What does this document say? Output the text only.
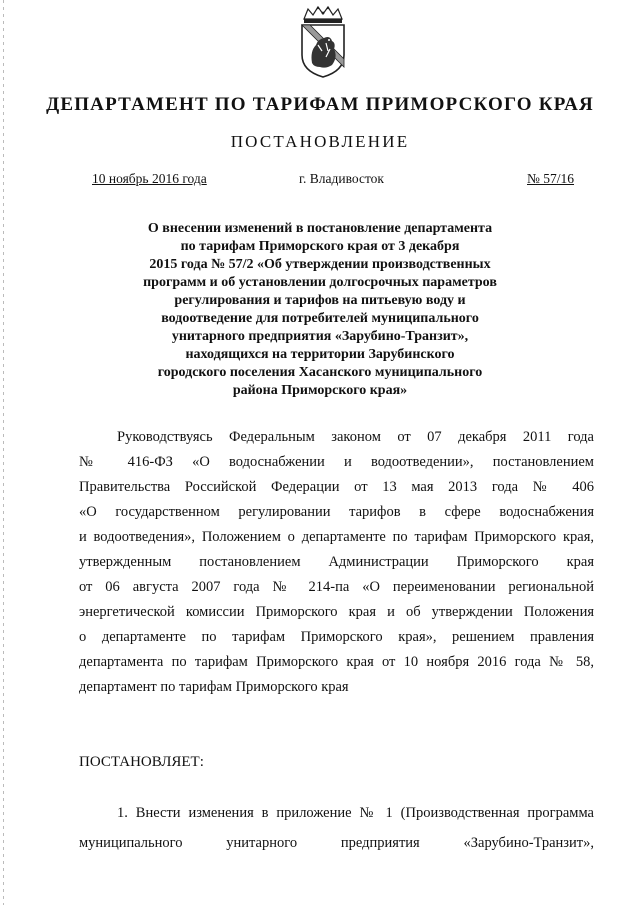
ДЕПАРТАМЕНТ ПО ТАРИФАМ ПРИМОРСКОГО КРАЯ
ПОСТАНОВЛЕНИЕ
10 ноябрь 2016 года	г. Владивосток	№ 57/16
О внесении изменений в постановление департамента
по тарифам Приморского края от 3 декабря
2015 года № 57/2 «Об утверждении производственных
программ и об установлении долгосрочных параметров
регулирования и тарифов на питьевую воду и
водоотведение для потребителей муниципального
унитарного предприятия «Зарубино-Транзит»,
находящихся на территории Зарубинского
городского поселения Хасанского муниципального
района Приморского края»
Руководствуясь Федеральным законом от 07 декабря 2011 года
№ 416-ФЗ «О водоснабжении и водоотведении», постановлением
Правительства Российской Федерации от 13 мая 2013 года № 406
«О государственном регулировании тарифов в сфере водоснабжения
и водоотведения», Положением о департаменте по тарифам Приморского края,
утвержденным постановлением Администрации Приморского края
от 06 августа 2007 года № 214-па «О переименовании региональной
энергетической комиссии Приморского края и об утверждении Положения
о департаменте по тарифам Приморского края», решением правления
департамента по тарифам Приморского края от 10 ноября 2016 года № 58,
департамент по тарифам Приморского края
ПОСТАНОВЛЯЕТ:
1. Внести изменения в приложение № 1 (Производственная программа
муниципального унитарного предприятия «Зарубино-Транзит»,
